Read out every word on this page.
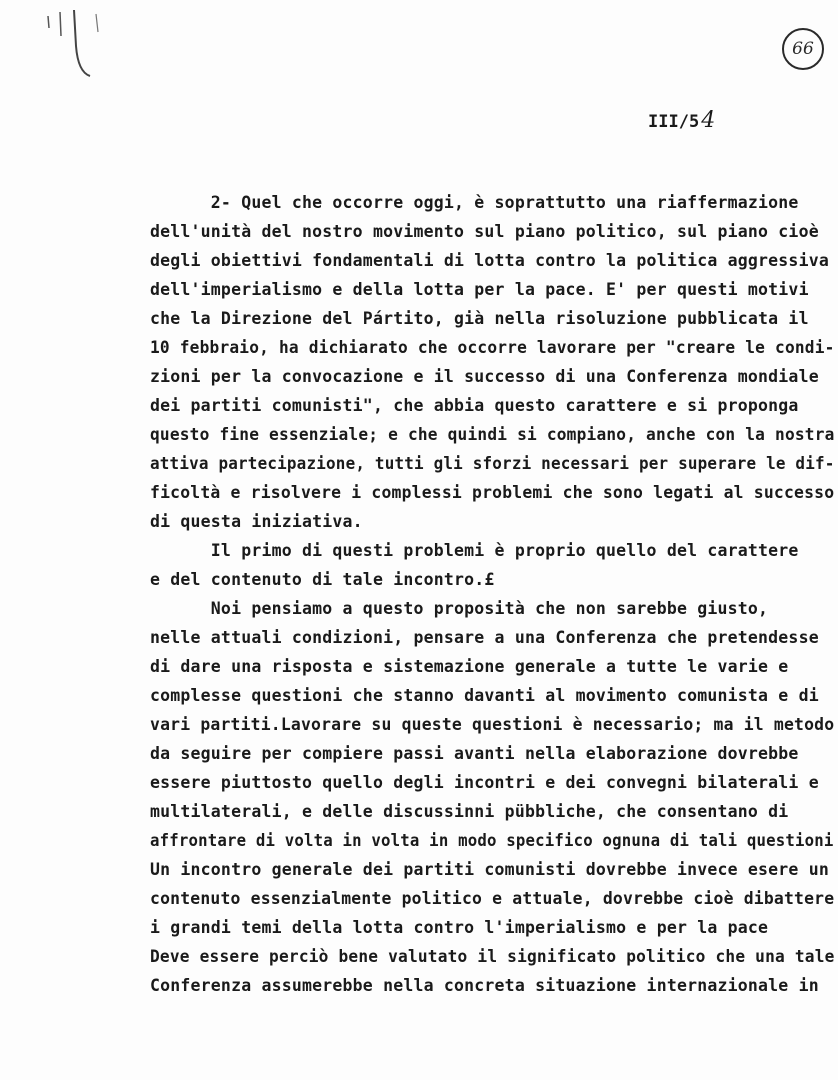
66
III/54
2- Quel che occorre oggi, è soprattutto una riaffermazione
dell'unità del nostro movimento sul piano politico, sul piano cioè
degli obiettivi fondamentali di lotta contro la politica aggressiva
dell'imperialismo e della lotta per la pace. E' per questi motivi
che la Direzione del Pártito, già nella risoluzione pubblicata il
10 febbraio, ha dichiarato che occorre lavorare per "creare le condi-
zioni per la convocazione e il successo di una Conferenza mondiale
dei partiti comunisti", che abbia questo carattere e si proponga
questo fine essenziale; e che quindi si compiano, anche con la nostra
attiva partecipazione, tutti gli sforzi necessari per superare le dif-
ficoltà e risolvere i complessi problemi che sono legati al successo
di questa iniziativa.
Il primo di questi problemi è proprio quello del carattere
e del contenuto di tale incontro.£
Noi pensiamo a questo proposità che non sarebbe giusto,
nelle attuali condizioni, pensare a una Conferenza che pretendesse
di dare una risposta e sistemazione generale a tutte le varie e
complesse questioni che stanno davanti al movimento comunista e di
vari partiti.Lavorare su queste questioni è necessario; ma il metodo
da seguire per compiere passi avanti nella elaborazione dovrebbe
essere piuttosto quello degli incontri e dei convegni bilaterali e
multilaterali, e delle discussinni pübbliche, che consentano di
affrontare di volta in volta in modo specifico ognuna di tali questioni
Un incontro generale dei partiti comunisti dovrebbe invece esere un
contenuto essenzialmente politico e attuale, dovrebbe cioè dibattere
i grandi temi della lotta contro l'imperialismo e per la pace
Deve essere perciò bene valutato il significato politico che una tale
Conferenza assumerebbe nella concreta situazione internazionale in
